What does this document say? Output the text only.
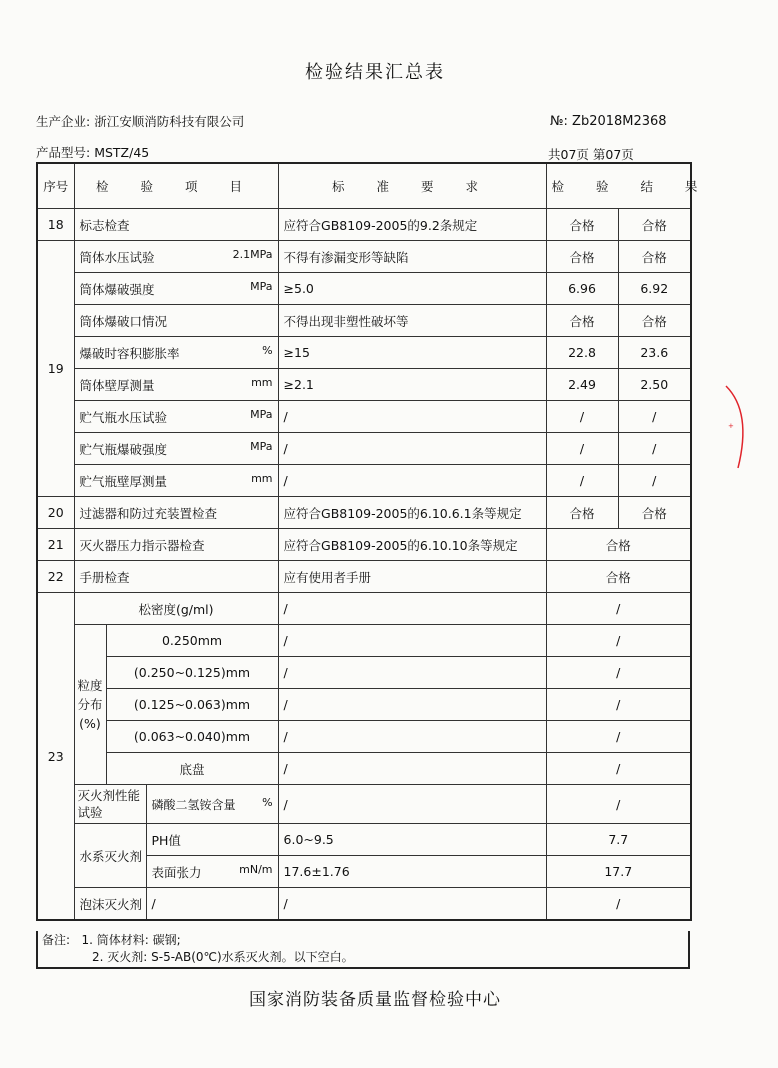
检验结果汇总表
生产企业: 浙江安顺消防科技有限公司	№: Zb2018M2368
产品型号: MSTZ/45	共07页 第07页
序号	检 验 项 目			标 准 要 求	检 验 结 果	
18	标志检查			应符合GB8109-2005的9.2条规定	合格	合格
19	筒体水压试验 2.1MPa			不得有渗漏变形等缺陷	合格	合格
	筒体爆破强度 MPa			≥5.0	6.96	6.92
	筒体爆破口情况			不得出现非塑性破坏等	合格	合格
	爆破时容积膨胀率 %			≥15	22.8	23.6
	筒体壁厚测量 mm			≥2.1	2.49	2.50
	贮气瓶水压试验 MPa			/	/	/
	贮气瓶爆破强度 MPa			/	/	/
	贮气瓶壁厚测量 mm			/	/	/
20	过滤器和防过充装置检查			应符合GB8109-2005的6.10.6.1条等规定	合格	合格
21	灭火器压力指示器检查			应符合GB8109-2005的6.10.10条等规定	合格	
22	手册检查			应有使用者手册	合格	
23	松密度(g/ml)			/	/	
	粒度分布(%)	0.250mm		/	/	
		(0.250~0.125)mm		/	/	
		(0.125~0.063)mm		/	/	
		(0.063~0.040)mm		/	/	
		底盘		/	/	
	灭火剂性能试验		磷酸二氢铵含量 %	/	/	
	水系灭火剂		PH值	6.0~9.5	7.7	
			表面张力 mN/m	17.6±1.76	17.7	
	泡沫灭火剂		/	/	/	
备注: 1. 筒体材料: 碳钢;
2. 灭火剂: S-5-AB(0℃)水系灭火剂。以下空白。
国家消防装备质量监督检验中心
+
